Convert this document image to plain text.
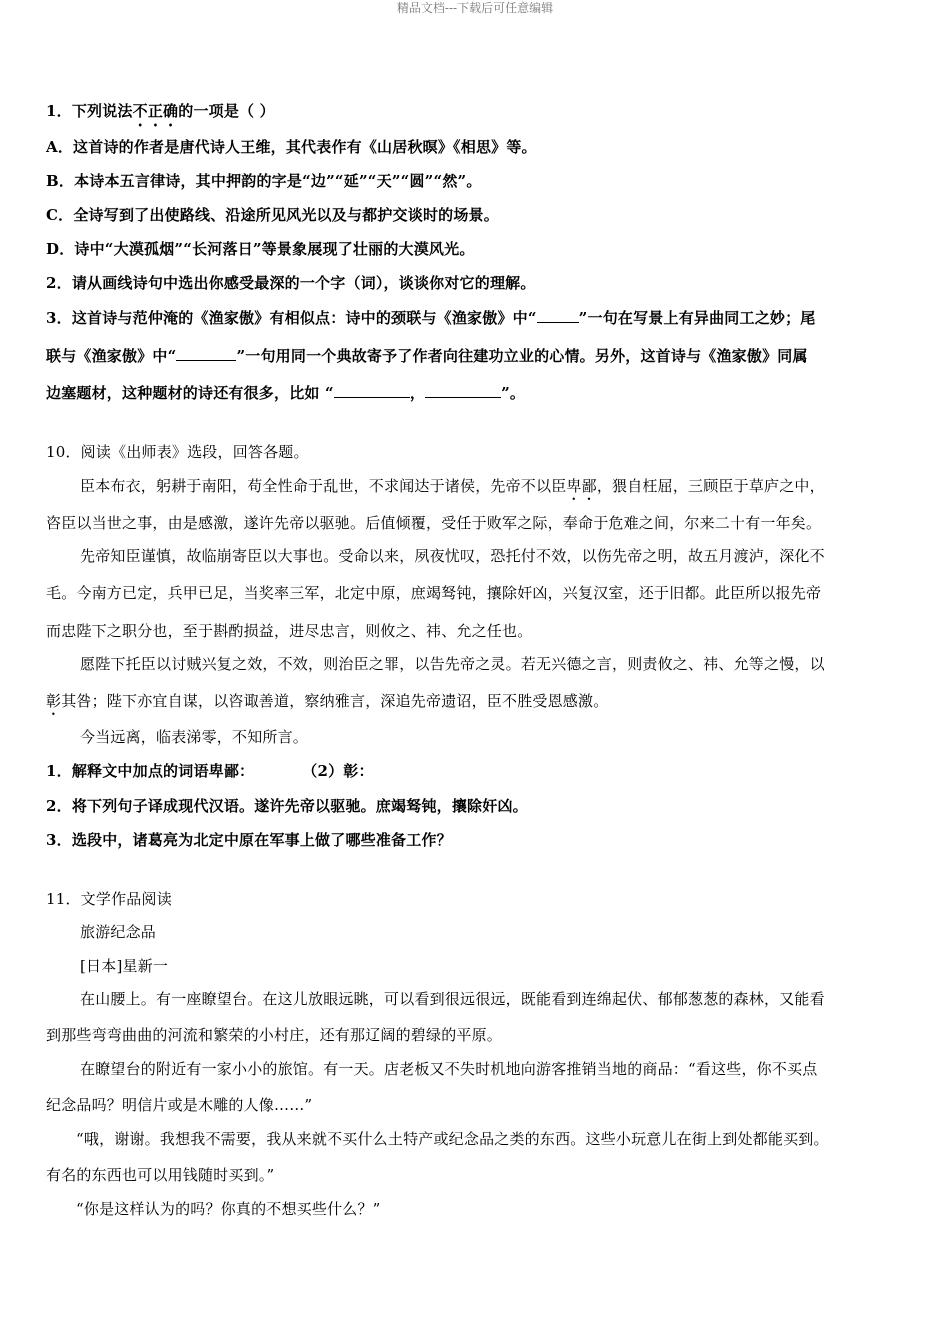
精品文档---下载后可任意编辑
1．下列说法不正确的一项是（ ）
A．这首诗的作者是唐代诗人王维，其代表作有《山居秋暝》《相思》等。
B．本诗本五言律诗，其中押韵的字是“边”“延”“天”“圆”“然”。
C．全诗写到了出使路线、沿途所见风光以及与都护交谈时的场景。
D．诗中“大漠孤烟”“长河落日”等景象展现了壮丽的大漠风光。
2．请从画线诗句中选出你感受最深的一个字（词），谈谈你对它的理解。
3．这首诗与范仲淹的《渔家傲》有相似点：诗中的颈联与《渔家傲》中“	”一句在写景上有异曲同工之妙；尾
联与《渔家傲》中“	”一句用同一个典故寄予了作者向往建功立业的心情。另外，这首诗与《渔家傲》同属
边塞题材，这种题材的诗还有很多，比如 “	，	”。
10．阅读《出师表》选段，回答各题。
臣本布衣，躬耕于南阳，苟全性命于乱世，不求闻达于诸侯，先帝不以臣卑鄙，猥自枉屈，三顾臣于草庐之中，
咨臣以当世之事，由是感激，遂许先帝以驱驰。后值倾覆，受任于败军之际，奉命于危难之间，尔来二十有一年矣。
先帝知臣谨慎，故临崩寄臣以大事也。受命以来，夙夜忧叹，恐托付不效，以伤先帝之明，故五月渡泸，深化不
毛。今南方已定，兵甲已足，当奖率三军，北定中原，庶竭驽钝，攘除奸凶，兴复汉室，还于旧都。此臣所以报先帝
而忠陛下之职分也，至于斟酌损益，进尽忠言，则攸之、祎、允之任也。
愿陛下托臣以讨贼兴复之效，不效，则治臣之罪，以告先帝之灵。若无兴德之言，则责攸之、祎、允等之慢，以
彰其咎；陛下亦宜自谋，以咨诹善道，察纳雅言，深追先帝遗诏，臣不胜受恩感激。
今当远离，临表涕零，不知所言。
1．解释文中加点的词语卑鄙：	（2）彰：
2．将下列句子译成现代汉语。遂许先帝以驱驰。庶竭驽钝，攘除奸凶。
3．选段中，诸葛亮为北定中原在军事上做了哪些准备工作？
11．文学作品阅读
旅游纪念品
[日本]星新一
在山腰上。有一座瞭望台。在这儿放眼远眺，可以看到很远很远，既能看到连绵起伏、郁郁葱葱的森林，又能看
到那些弯弯曲曲的河流和繁荣的小村庄，还有那辽阔的碧绿的平原。
在瞭望台的附近有一家小小的旅馆。有一天。店老板又不失时机地向游客推销当地的商品：“看这些，你不买点
纪念品吗？明信片或是木雕的人像……”
“哦，谢谢。我想我不需要，我从来就不买什么土特产或纪念品之类的东西。这些小玩意儿在街上到处都能买到。
有名的东西也可以用钱随时买到。”
“你是这样认为的吗？你真的不想买些什么？”
